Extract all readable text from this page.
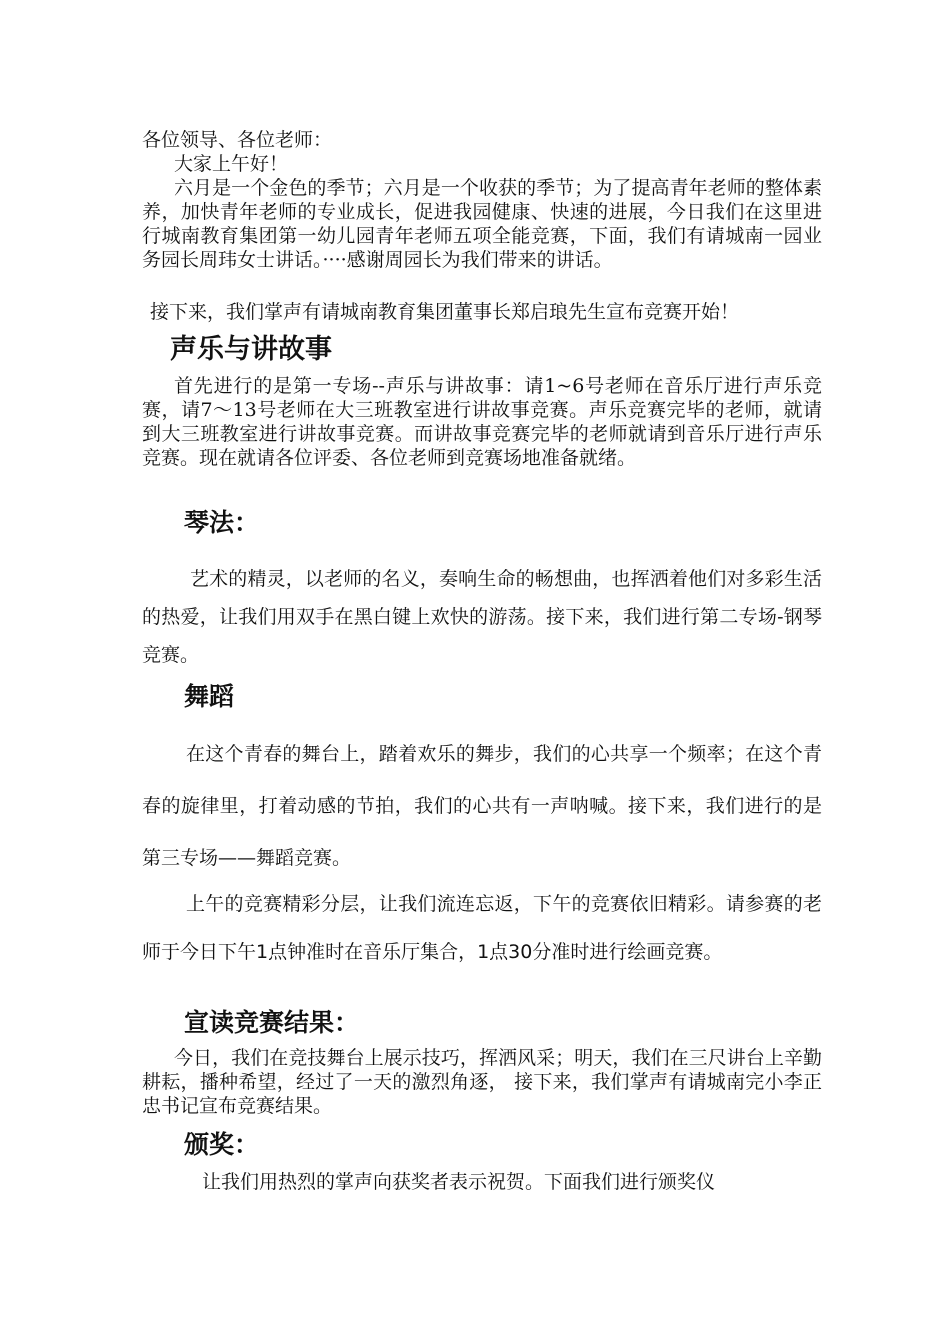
各位领导、各位老师：

大家上午好！

六月是一个金色的季节；六月是一个收获的季节；为了提高青年老师的整体素养，加快青年老师的专业成长，促进我园健康、快速的进展，今日我们在这里进行城南教育集团第一幼儿园青年老师五项全能竞赛，下面，我们有请城南一园业务园长周玮女士讲话。····感谢周园长为我们带来的讲话。

接下来，我们掌声有请城南教育集团董事长郑启琅先生宣布竞赛开始！

声乐与讲故事

首先进行的是第一专场--声乐与讲故事：请1~6号老师在音乐厅进行声乐竞赛，请7～13号老师在大三班教室进行讲故事竞赛。声乐竞赛完毕的老师，就请到大三班教室进行讲故事竞赛。而讲故事竞赛完毕的老师就请到音乐厅进行声乐竞赛。现在就请各位评委、各位老师到竞赛场地准备就绪。

琴法：

艺术的精灵，以老师的名义，奏响生命的畅想曲，也挥洒着他们对多彩生活的热爱，让我们用双手在黑白键上欢快的游荡。接下来，我们进行第二专场-钢琴竞赛。

舞蹈

在这个青春的舞台上，踏着欢乐的舞步，我们的心共享一个频率；在这个青春的旋律里，打着动感的节拍，我们的心共有一声呐喊。接下来，我们进行的是第三专场——舞蹈竞赛。

上午的竞赛精彩分层，让我们流连忘返，下午的竞赛依旧精彩。请参赛的老师于今日下午1点钟准时在音乐厅集合，1点30分准时进行绘画竞赛。

宣读竞赛结果：

今日，我们在竞技舞台上展示技巧，挥洒风采；明天，我们在三尺讲台上辛勤耕耘，播种希望，经过了一天的激烈角逐， 接下来，我们掌声有请城南完小李正忠书记宣布竞赛结果。

颁奖：

让我们用热烈的掌声向获奖者表示祝贺。下面我们进行颁奖仪
